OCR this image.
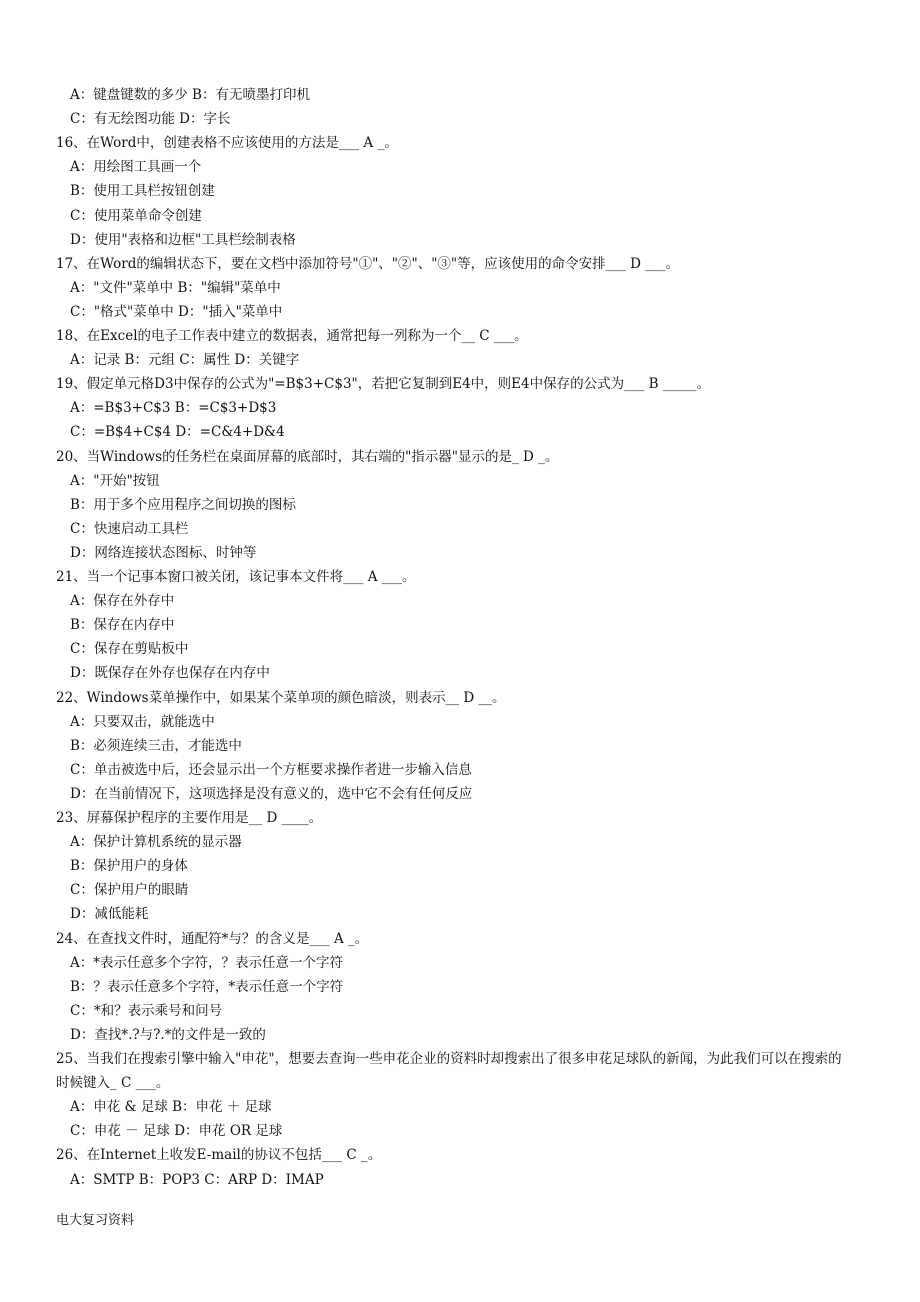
A：键盘键数的多少 B：有无喷墨打印机
C：有无绘图功能 D：字长
16、在Word中，创建表格不应该使用的方法是___ A _。
A：用绘图工具画一个
B：使用工具栏按钮创建
C：使用菜单命令创建
D：使用"表格和边框"工具栏绘制表格
17、在Word的编辑状态下，要在文档中添加符号"①"、"②"、"③"等，应该使用的命令安排___ D ___。
A："文件"菜单中 B："编辑"菜单中
C："格式"菜单中 D："插入"菜单中
18、在Excel的电子工作表中建立的数据表，通常把每一列称为一个__ C ___。
A：记录 B：元组 C：属性 D：关键字
19、假定单元格D3中保存的公式为"=B$3+C$3"，若把它复制到E4中，则E4中保存的公式为___ B _____。
A：=B$3+C$3 B：=C$3+D$3
C：=B$4+C$4 D：=C&4+D&4
20、当Windows的任务栏在桌面屏幕的底部时，其右端的"指示器"显示的是_ D _。
A："开始"按钮
B：用于多个应用程序之间切换的图标
C：快速启动工具栏
D：网络连接状态图标、时钟等
21、当一个记事本窗口被关闭，该记事本文件将___ A ___。
A：保存在外存中
B：保存在内存中
C：保存在剪贴板中
D：既保存在外存也保存在内存中
22、Windows菜单操作中，如果某个菜单项的颜色暗淡，则表示__ D __。
A：只要双击，就能选中
B：必须连续三击，才能选中
C：单击被选中后，还会显示出一个方框要求操作者进一步输入信息
D：在当前情况下，这项选择是没有意义的，选中它不会有任何反应
23、屏幕保护程序的主要作用是__ D ____。
A：保护计算机系统的显示器
B：保护用户的身体
C：保护用户的眼睛
D：减低能耗
24、在查找文件时，通配符*与？的含义是___ A _。
A：*表示任意多个字符，？表示任意一个字符
B：？表示任意多个字符，*表示任意一个字符
C：*和？表示乘号和问号
D：查找*.?与?.*的文件是一致的
25、当我们在搜索引擎中输入"申花"，想要去查询一些申花企业的资料时却搜索出了很多申花足球队的新闻，为此我们可以在搜索的
时候键入_ C ___。
A：申花 & 足球 B：申花 ＋ 足球
C：申花 － 足球 D：申花 OR 足球
26、在Internet上收发E-mail的协议不包括___ C _。
A：SMTP B：POP3 C：ARP D：IMAP
电大复习资料
